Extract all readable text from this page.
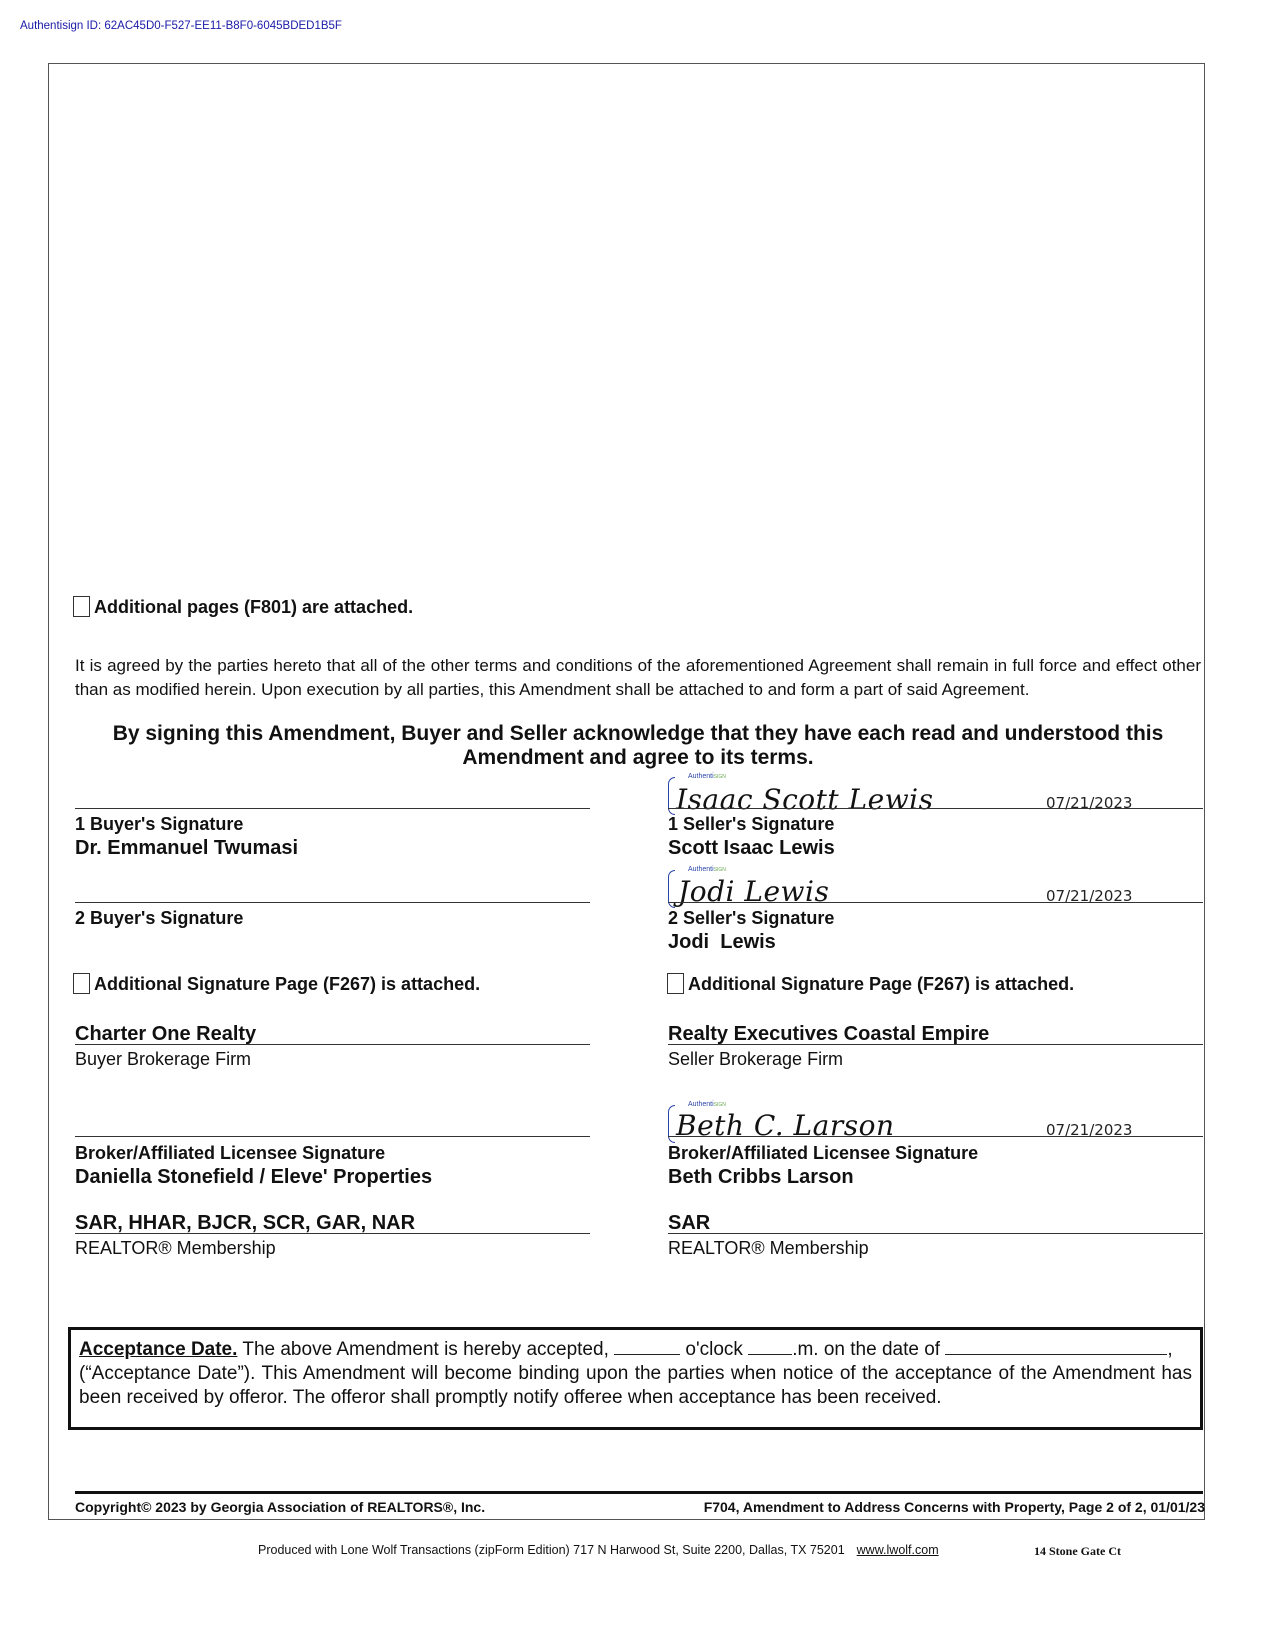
Authentisign ID: 62AC45D0-F527-EE11-B8F0-6045BDED1B5F
Additional pages (F801) are attached.
It is agreed by the parties hereto that all of the other terms and conditions of the aforementioned Agreement shall remain in full force and effect other than as modified herein. Upon execution by all parties, this Amendment shall be attached to and form a part of said Agreement.
By signing this Amendment, Buyer and Seller acknowledge that they have each read and understood this Amendment and agree to its terms.
1 Buyer's Signature
Dr. Emmanuel Twumasi
2 Buyer's Signature
Additional Signature Page (F267) is attached.
Charter One Realty
Buyer Brokerage Firm
Broker/Affiliated Licensee Signature
Daniella Stonefield / Eleve' Properties
SAR, HHAR, BJCR, SCR, GAR, NAR
REALTOR® Membership
AuthentiSIGN
Isaac Scott Lewis	07/21/2023
1 Seller's Signature
Scott Isaac Lewis
AuthentiSIGN
Jodi Lewis	07/21/2023
2 Seller's Signature
Jodi  Lewis
Additional Signature Page (F267) is attached.
Realty Executives Coastal Empire
Seller Brokerage Firm
AuthentiSIGN
Beth C. Larson	07/21/2023
Broker/Affiliated Licensee Signature
Beth Cribbs Larson
SAR
REALTOR® Membership
Acceptance Date. The above Amendment is hereby accepted,	o'clock	.m. on the date of	,
(“Acceptance Date”). This Amendment will become binding upon the parties when notice of the acceptance of the Amendment has been received by offeror. The offeror shall promptly notify offeree when acceptance has been received.
Copyright© 2023 by Georgia Association of REALTORS®, Inc.	F704, Amendment to Address Concerns with Property, Page 2 of 2, 01/01/23
Produced with Lone Wolf Transactions (zipForm Edition) 717 N Harwood St, Suite 2200, Dallas, TX 75201 www.lwolf.com	14 Stone Gate Ct
